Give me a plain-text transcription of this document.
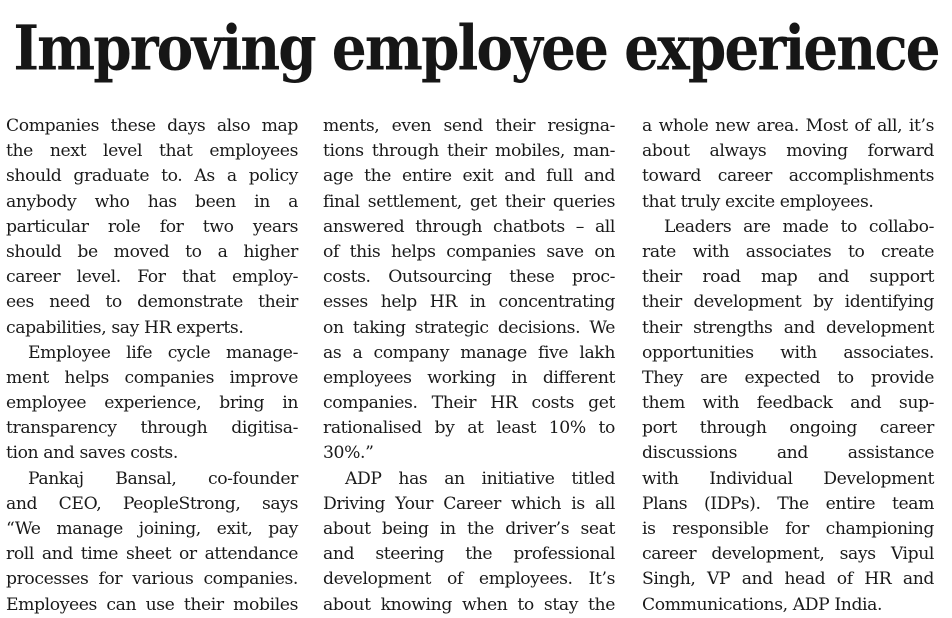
Improving employee experience
Companies these days also map
the next level that employees
should graduate to. As a policy
anybody who has been in a
particular role for two years
should be moved to a higher
career level. For that employ-
ees need to demonstrate their
capabilities, say HR experts.
Employee life cycle manage-
ment helps companies improve
employee experience, bring in
transparency through digitisa-
tion and saves costs.
Pankaj Bansal, co-founder
and CEO, PeopleStrong, says
“We manage joining, exit, pay
roll and time sheet or attendance
processes for various companies.
Employees can use their mobiles
ments, even send their resigna-
tions through their mobiles, man-
age the entire exit and full and
final settlement, get their queries
answered through chatbots – all
of this helps companies save on
costs. Outsourcing these proc-
esses help HR in concentrating
on taking strategic decisions. We
as a company manage five lakh
employees working in different
companies. Their HR costs get
rationalised by at least 10% to
30%.”
ADP has an initiative titled
Driving Your Career which is all
about being in the driver’s seat
and steering the professional
development of employees. It’s
about knowing when to stay the
a whole new area. Most of all, it’s
about always moving forward
toward career accomplishments
that truly excite employees.
Leaders are made to collabo-
rate with associates to create
their road map and support
their development by identifying
their strengths and development
opportunities with associates.
They are expected to provide
them with feedback and sup-
port through ongoing career
discussions and assistance
with Individual Development
Plans (IDPs). The entire team
is responsible for championing
career development, says Vipul
Singh, VP and head of HR and
Communications, ADP India.
